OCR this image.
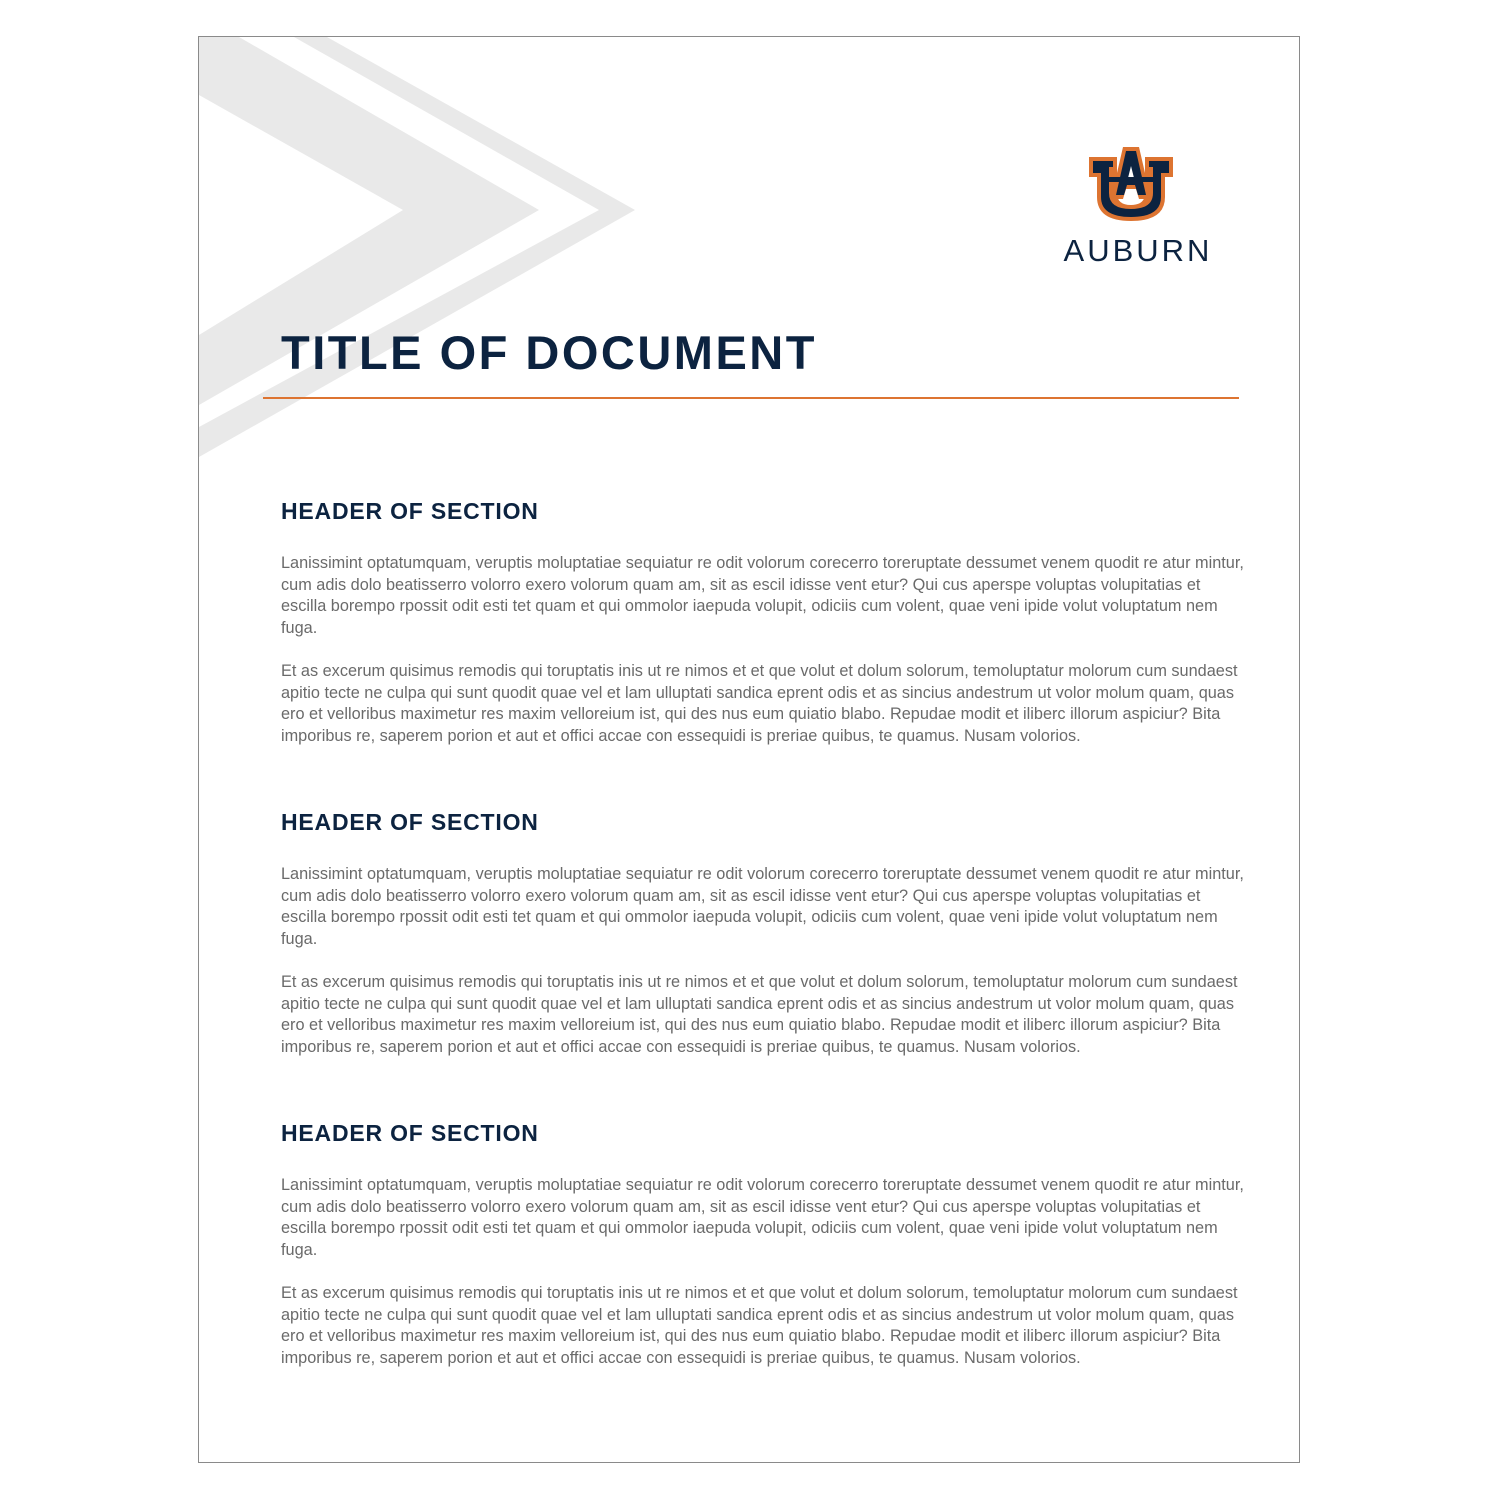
AUBURN
TITLE OF DOCUMENT
HEADER OF SECTION

Lanissimint optatumquam, veruptis moluptatiae sequiatur re odit volorum corecerro toreruptate dessumet venem quodit re atur mintur, cum adis dolo beatisserro volorro exero volorum quam am, sit as escil idisse vent etur? Qui cus aperspe voluptas volupitatias et escilla borempo rpossit odit esti tet quam et qui ommolor iaepuda volupit, odiciis cum volent, quae veni ipide volut voluptatum nem fuga.

Et as excerum quisimus remodis qui toruptatis inis ut re nimos et et que volut et dolum solorum, temoluptatur molorum cum sundaest apitio tecte ne culpa qui sunt quodit quae vel et lam ulluptati sandica eprent odis et as sincius andestrum ut volor molum quam, quas ero et velloribus maximetur res maxim velloreium ist, qui des nus eum quiatio blabo. Repudae modit et iliberc illorum aspiciur? Bita imporibus re, saperem porion et aut et offici accae con essequidi is preriae quibus, te quamus. Nusam volorios.

HEADER OF SECTION

Lanissimint optatumquam, veruptis moluptatiae sequiatur re odit volorum corecerro toreruptate dessumet venem quodit re atur mintur, cum adis dolo beatisserro volorro exero volorum quam am, sit as escil idisse vent etur? Qui cus aperspe voluptas volupitatias et escilla borempo rpossit odit esti tet quam et qui ommolor iaepuda volupit, odiciis cum volent, quae veni ipide volut voluptatum nem fuga.

Et as excerum quisimus remodis qui toruptatis inis ut re nimos et et que volut et dolum solorum, temoluptatur molorum cum sundaest apitio tecte ne culpa qui sunt quodit quae vel et lam ulluptati sandica eprent odis et as sincius andestrum ut volor molum quam, quas ero et velloribus maximetur res maxim velloreium ist, qui des nus eum quiatio blabo. Repudae modit et iliberc illorum aspiciur? Bita imporibus re, saperem porion et aut et offici accae con essequidi is preriae quibus, te quamus. Nusam volorios.

HEADER OF SECTION

Lanissimint optatumquam, veruptis moluptatiae sequiatur re odit volorum corecerro toreruptate dessumet venem quodit re atur mintur, cum adis dolo beatisserro volorro exero volorum quam am, sit as escil idisse vent etur? Qui cus aperspe voluptas volupitatias et escilla borempo rpossit odit esti tet quam et qui ommolor iaepuda volupit, odiciis cum volent, quae veni ipide volut voluptatum nem fuga.

Et as excerum quisimus remodis qui toruptatis inis ut re nimos et et que volut et dolum solorum, temoluptatur molorum cum sundaest apitio tecte ne culpa qui sunt quodit quae vel et lam ulluptati sandica eprent odis et as sincius andestrum ut volor molum quam, quas ero et velloribus maximetur res maxim velloreium ist, qui des nus eum quiatio blabo. Repudae modit et iliberc illorum aspiciur? Bita imporibus re, saperem porion et aut et offici accae con essequidi is preriae quibus, te quamus. Nusam volorios.
